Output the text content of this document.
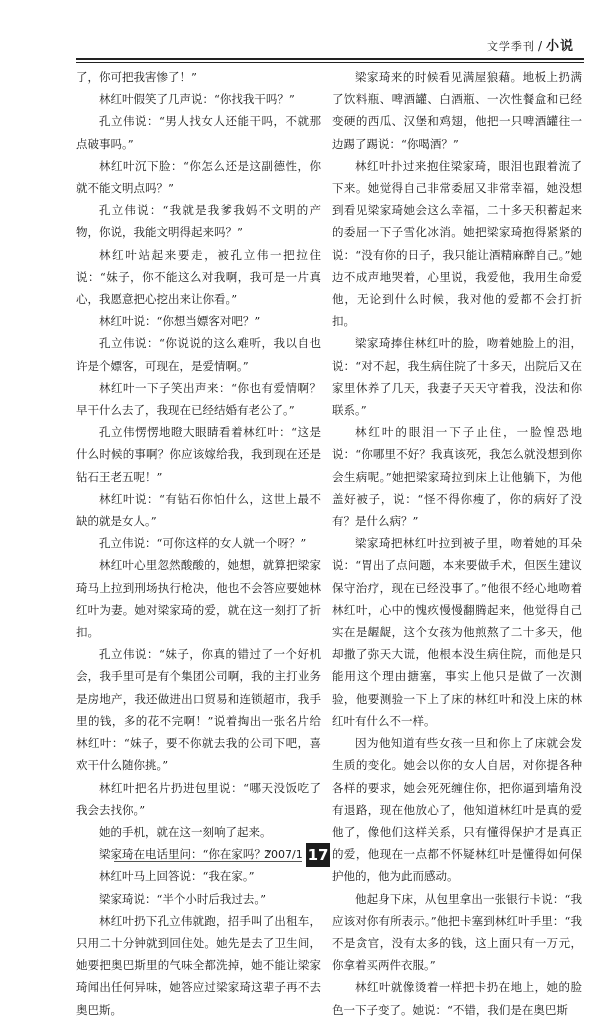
文学季刊 / 小说

了，你可把我害惨了！”

林红叶假笑了几声说：“你找我干吗？”

孔立伟说：“男人找女人还能干吗，不就那点破事吗。”

林红叶沉下脸：“你怎么还是这副德性，你就不能文明点吗？”

孔立伟说：“我就是我爹我妈不文明的产物，你说，我能文明得起来吗？”

林红叶站起来要走，被孔立伟一把拉住说：“妹子，你不能这么对我啊，我可是一片真心，我愿意把心挖出来让你看。”

林红叶说：“你想当嫖客对吧？”

孔立伟说：“你说说的这么难听，我以自也许是个嫖客，可现在，是爱情啊。”

林红叶一下子笑出声来：“你也有爱情啊？早干什么去了，我现在已经结婚有老公了。”

孔立伟愣愣地瞪大眼睛看着林红叶：“这是什么时候的事啊？你应该嫁给我，我到现在还是钻石王老五呢！”

林红叶说：“有钻石你怕什么，这世上最不缺的就是女人。”

孔立伟说：“可你这样的女人就一个呀？”

林红叶心里忽然酸酸的，她想，就算把梁家琦马上拉到刑场执行枪决，他也不会答应要她林红叶为妻。她对梁家琦的爱，就在这一刻打了折扣。

孔立伟说：“妹子，你真的错过了一个好机会，我手里可是有个集团公司啊，我的主打业务是房地产，我还做进出口贸易和连锁超市，我手里的钱，多的花不完啊！”说着掏出一张名片给林红叶：“妹子，要不你就去我的公司下吧，喜欢干什么随你挑。”

林红叶把名片扔进包里说：“哪天没饭吃了我会去找你。”

她的手机，就在这一刻响了起来。

梁家琦在电话里问：“你在家吗？”

林红叶马上回答说：“我在家。”

梁家琦说：“半个小时后我过去。”

林红叶扔下孔立伟就跑，招手叫了出租车，只用二十分钟就到回住处。她先是去了卫生间，她要把奥巴斯里的气味全都洗掉，她不能让梁家琦闻出任何异味，她答应过梁家琦这辈子再不去奥巴斯。

梁家琦来的时候看见满屋狼藉。地板上扔满了饮料瓶、啤酒罐、白酒瓶、一次性餐盒和已经变硬的西瓜、汉堡和鸡翅，他把一只啤酒罐往一边踢了踢说：“你喝酒？”

林红叶扑过来抱住梁家琦，眼泪也跟着流了下来。她觉得自己非常委屈又非常幸福，她没想到看见梁家琦她会这么幸福，二十多天积蓄起来的委屈一下子雪化冰消。她把梁家琦抱得紧紧的说：“没有你的日子，我只能让酒精麻醉自己。”她边不成声地哭着，心里说，我爱他，我用生命爱他，无论到什么时候，我对他的爱都不会打折扣。

梁家琦捧住林红叶的脸，吻着她脸上的泪，说：“对不起，我生病住院了十多天，出院后又在家里休养了几天，我妻子天天守着我，没法和你联系。”

林红叶的眼泪一下子止住，一脸惶恐地说：“你哪里不好？我真该死，我怎么就没想到你会生病呢。”她把梁家琦拉到床上让他躺下，为他盖好被子，说：“怪不得你瘦了，你的病好了没有？是什么病？”

梁家琦把林红叶拉到被子里，吻着她的耳朵说：“胃出了点问题，本来要做手术，但医生建议保守治疗，现在已经没事了。”他很不经心地吻着林红叶，心中的愧疚慢慢翻腾起来，他觉得自己实在是龌龊，这个女孩为他煎熬了二十多天，他却撒了弥天大谎，他根本没生病住院，而他是只能用这个理由搪塞，事实上他只是做了一次测验，他要测验一下上了床的林红叶和没上床的林红叶有什么不一样。

因为他知道有些女孩一旦和你上了床就会发生质的变化。她会以你的女人自居，对你提各种各样的要求，她会死死缠住你，把你逼到墙角没有退路，现在他放心了，他知道林红叶是真的爱他了，像他们这样关系，只有懂得保护才是真正的爱，他现在一点都不怀疑林红叶是懂得如何保护他的，他为此而感动。

他起身下床，从包里拿出一张银行卡说：“我应该对你有所表示。”他把卡塞到林红叶手里：“我不是贪官，没有太多的钱，这上面只有一万元，你拿着买两件衣服。”

林红叶就像烫着一样把卡扔在地上，她的脸色一下子变了。她说：“不错，我们是在奥巴斯

2007/1 17
